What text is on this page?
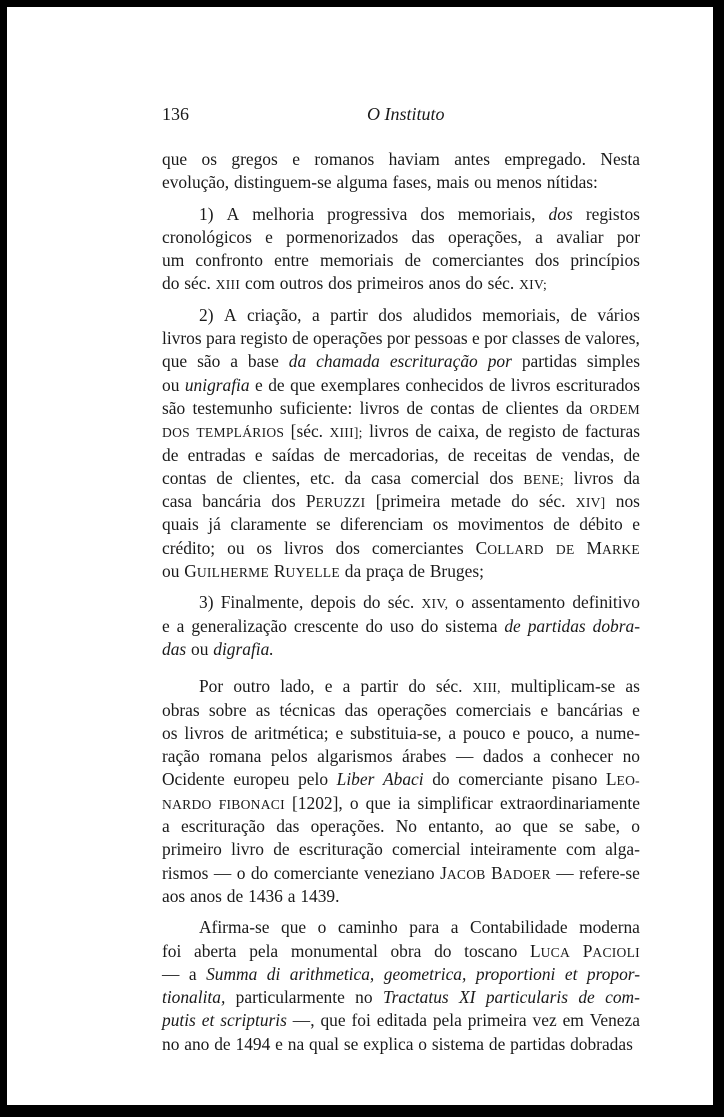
136	O Instituto
que os gregos e romanos haviam antes empregado. Nesta
evolução, distinguem-se alguma fases, mais ou menos nítidas:
1) A melhoria progressiva dos memoriais, dos registos
cronológicos e pormenorizados das operações, a avaliar por
um confronto entre memoriais de comerciantes dos princípios
do séc. XIII com outros dos primeiros anos do séc. XIV;
2) A criação, a partir dos aludidos memoriais, de vários
livros para registo de operações por pessoas e por classes de valores,
que são a base da chamada escrituração por partidas simples
ou unigrafia e de que exemplares conhecidos de livros escriturados
são testemunho suficiente: livros de contas de clientes da ORDEM
DOS TEMPLÁRIOS [séc. XIII]; livros de caixa, de registo de facturas
de entradas e saídas de mercadorias, de receitas de vendas, de
contas de clientes, etc. da casa comercial dos BENE; livros da
casa bancária dos PERUZZI [primeira metade do séc. XIV] nos
quais já claramente se diferenciam os movimentos de débito e
crédito; ou os livros dos comerciantes COLLARD DE MARKE
ou GUILHERME RUYELLE da praça de Bruges;
3) Finalmente, depois do séc. XIV, o assentamento definitivo
e a generalização crescente do uso do sistema de partidas dobra-
das ou digrafia.
Por outro lado, e a partir do séc. XIII, multiplicam-se as
obras sobre as técnicas das operações comerciais e bancárias e
os livros de aritmética; e substituia-se, a pouco e pouco, a nume-
ração romana pelos algarismos árabes — dados a conhecer no
Ocidente europeu pelo Liber Abaci do comerciante pisano LEO-
NARDO FIBONACI [1202], o que ia simplificar extraordinariamente
a escrituração das operações. No entanto, ao que se sabe, o
primeiro livro de escrituração comercial inteiramente com alga-
rismos — o do comerciante veneziano JACOB BADOER — refere-se
aos anos de 1436 a 1439.
Afirma-se que o caminho para a Contabilidade moderna
foi aberta pela monumental obra do toscano LUCA PACIOLI
— a Summa di arithmetica, geometrica, proportioni et propor-
tionalita, particularmente no Tractatus XI particularis de com-
putis et scripturis —, que foi editada pela primeira vez em Veneza
no ano de 1494 e na qual se explica o sistema de partidas dobradas
